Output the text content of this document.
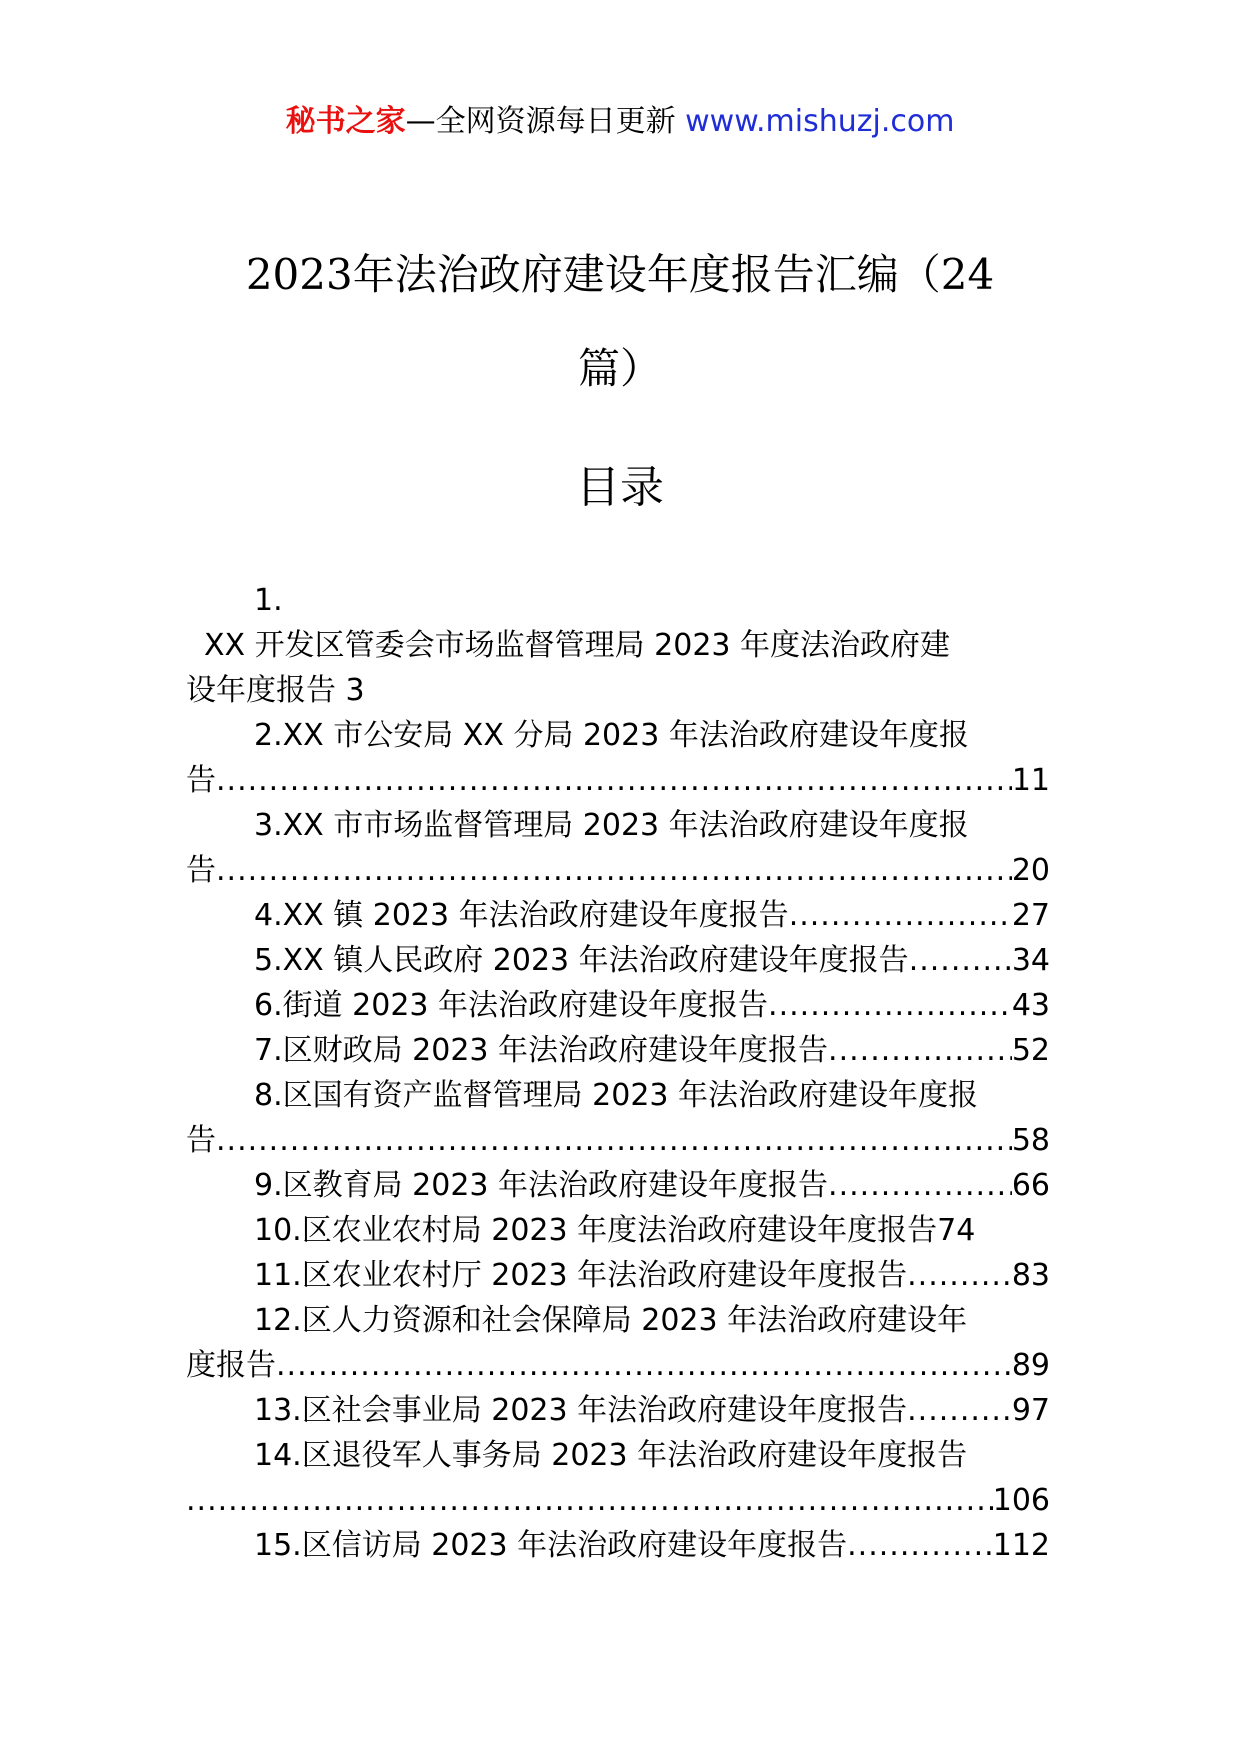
秘书之家—全网资源每日更新 www.mishuzj.com
2023年法治政府建设年度报告汇编（24
篇）
目录
1.
XX 开发区管委会市场监督管理局 2023 年度法治政府建
设年度报告 3
2.XX 市公安局 XX 分局 2023 年法治政府建设年度报
告 .....	11
3.XX 市市场监督管理局 2023 年法治政府建设年度报
告 .....	20
4.XX 镇 2023 年法治政府建设年度报告 .....	27
5.XX 镇人民政府 2023 年法治政府建设年度报告 .....	34
6.街道 2023 年法治政府建设年度报告 .....	43
7.区财政局 2023 年法治政府建设年度报告 .....	52
8.区国有资产监督管理局 2023 年法治政府建设年度报
告 .....	58
9.区教育局 2023 年法治政府建设年度报告 .....	66
10.区农业农村局 2023 年度法治政府建设年度报告 74
11.区农业农村厅 2023 年法治政府建设年度报告 .....	83
12.区人力资源和社会保障局 2023 年法治政府建设年
度报告 .....	89
13.区社会事业局 2023 年法治政府建设年度报告 .....	97
14.区退役军人事务局 2023 年法治政府建设年度报告
.....
106
15.区信访局 2023 年法治政府建设年度报告 .....	112
